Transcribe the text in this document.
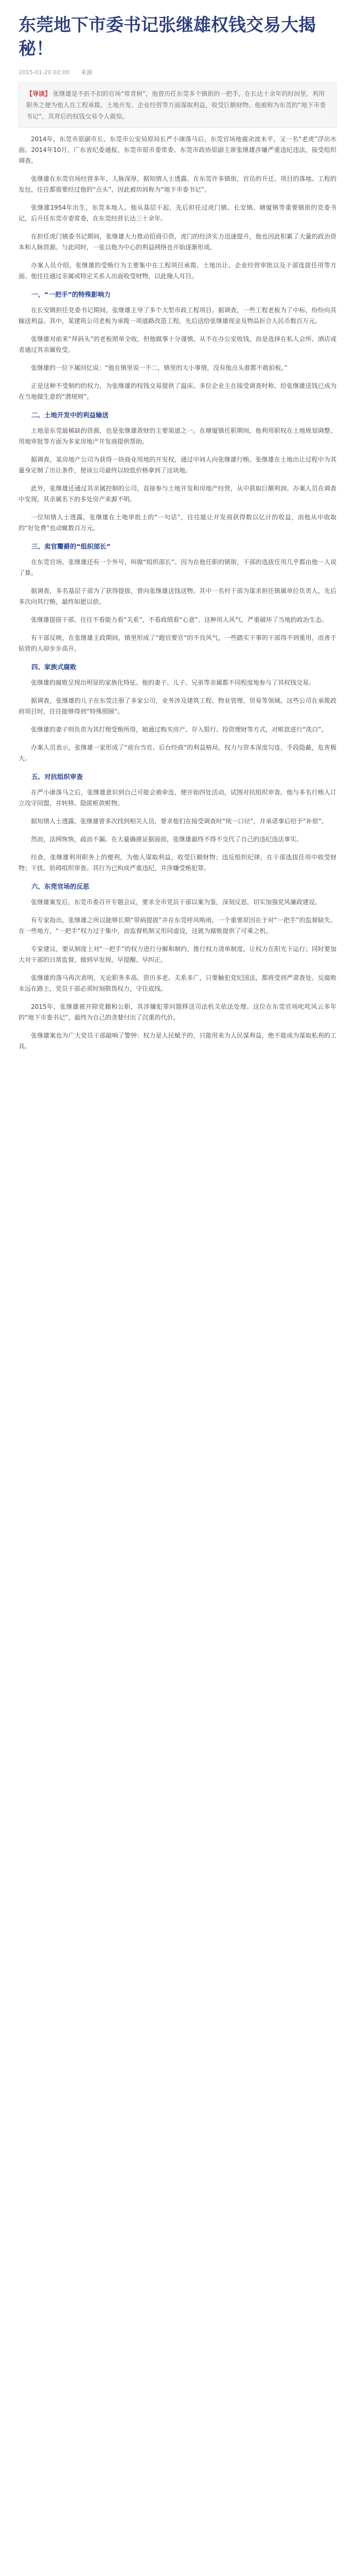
东莞地下市委书记张继雄权钱交易大揭秘！
2015-01-20 02:00 来源
【导读】 张继雄是不折不扣的官场“常青树”，他曾历任东莞多个镇街的一把手，在长达十余年的时间里，利用职务之便为他人在工程承揽、土地开发、企业经营等方面谋取利益，收受巨额财物。他被称为东莞的“地下市委书记”，其背后的权钱交易令人震惊。

2014年，东莞市原副市长、东莞市公安局原局长严小康落马后，东莞官场地震余波未平，又一名“老虎”浮出水面。2014年10月，广东省纪委通报，东莞市原市委常委、东莞市政协原副主席张继雄涉嫌严重违纪违法，接受组织调查。

张继雄在东莞官场经营多年，人脉深厚，据知情人士透露，在东莞许多镇街，官员的升迁、项目的落地、工程的发包，往往都需要经过他的“点头”，因此被坊间称为“地下市委书记”。

张继雄1954年出生，东莞本地人。他从基层干起，先后担任过虎门镇、长安镇、塘厦镇等重要镇街的党委书记，后升任东莞市委常委，在东莞经营长达三十余年。

在担任虎门镇委书记期间，张继雄大力推动招商引资，虎门的经济实力迅速提升，他也因此积累了大量的政治资本和人脉资源。与此同时，一张以他为中心的利益网络也开始逐渐形成。

办案人员介绍，张继雄的受贿行为主要集中在工程项目承揽、土地出让、企业经营审批以及干部选拔任用等方面。他往往通过亲属或特定关系人出面收受财物，以此掩人耳目。

一、“一把手”的特殊影响力

在长安镇担任党委书记期间，张继雄主导了多个大型市政工程项目。据调查，一些工程老板为了中标，纷纷向其输送利益。其中，某建筑公司老板为承揽一项道路改造工程，先后送给张继雄现金及物品折合人民币数百万元。

张继雄对前来“拜码头”的老板照单全收，但他做事十分谨慎，从不在办公室收钱，而是选择在私人会所、酒店或者通过其亲属收受。

张继雄的一位下属回忆说：“他在镇里说一不二，镇里的大小事情，没有他点头谁都不敢拍板。”

正是这种不受制约的权力，为张继雄的权钱交易提供了温床。多位企业主在接受调查时称，给张继雄送钱已成为在当地做生意的“潜规则”。

二、土地开发中的利益输送

土地是东莞最稀缺的资源，也是张继雄敛财的主要渠道之一。在塘厦镇任职期间，他利用职权在土地规划调整、用地审批等方面为多家房地产开发商提供帮助。

据调查，某房地产公司为获得一块商业用地的开发权，通过中间人向张继雄行贿。张继雄在土地出让过程中为其量身定制了出让条件，使该公司最终以较低价格拿到了这块地。

此外，张继雄还通过其亲属控制的公司，直接参与土地开发和房地产经营，从中获取巨额利润。办案人员在调查中发现，其亲属名下的多处房产来源不明。

一位知情人士透露，张继雄在土地审批上的“一句话”，往往能让开发商获得数以亿计的收益，而他从中收取的“好处费”也动辄数百万元。

三、卖官鬻爵的“组织部长”

在东莞官场，张继雄还有一个外号，叫做“组织部长”。因为在他任职的镇街，干部的选拔任用几乎都由他一人说了算。

据调查，多名基层干部为了获得提拔，曾向张继雄送钱送物。其中一名村干部为谋求担任镇属单位负责人，先后多次向其行贿，最终如愿以偿。

张继雄提拔干部，往往不看能力看“关系”，不看政绩看“心意”。这种用人风气，严重破坏了当地的政治生态。

有干部反映，在张继雄主政期间，镇里形成了“跑官要官”的不良风气，一些踏实干事的干部得不到重用，而善于钻营的人却步步高升。

四、家族式腐败

张继雄的腐败呈现出明显的家族化特征。他的妻子、儿子、兄弟等亲属都不同程度地参与了其权钱交易。

据调查，张继雄的儿子在东莞注册了多家公司，业务涉及建筑工程、物业管理、贸易等领域。这些公司在承揽政府项目时，往往能够得到“特殊照顾”。

张继雄的妻子则负责为其打理受贿所得，她通过购买房产、存入银行、投资理财等方式，对赃款进行“洗白”。

办案人员表示，张继雄一家形成了“前台当官、后台经商”的利益格局，权力与资本深度勾连，手段隐蔽，危害极大。

五、对抗组织审查

在严小康落马之后，张继雄意识到自己可能会被牵连，便开始四处活动，试图对抗组织审查。他与多名行贿人订立攻守同盟，并转移、隐匿赃款赃物。

据知情人士透露，张继雄曾多次找到相关人员，要求他们在接受调查时“统一口径”，并承诺事后给予“补偿”。

然而，法网恢恢，疏而不漏。在大量确凿证据面前，张继雄最终不得不交代了自己的违纪违法事实。

经查，张继雄利用职务上的便利，为他人谋取利益，收受巨额财物；违反组织纪律，在干部选拔任用中收受财物；干扰、妨碍组织审查。其行为已构成严重违纪，并涉嫌受贿犯罪。

六、东莞官场的反思

张继雄案发后，东莞市委召开专题会议，要求全市党员干部以案为鉴，深刻反思，切实加强党风廉政建设。

有专家指出，张继雄之所以能够长期“带病提拔”并在东莞呼风唤雨，一个重要原因在于对“一把手”的监督缺失。在一些地方，“一把手”权力过于集中，而监督机制又形同虚设，这就为腐败提供了可乘之机。

专家建议，要从制度上对“一把手”的权力进行分解和制约，推行权力清单制度，让权力在阳光下运行；同时要加大对干部的日常监督，做到早发现、早提醒、早纠正。

张继雄的落马再次表明，无论职务多高、资历多老、关系多广，只要触犯党纪国法，都将受到严肃查处。反腐败永远在路上，党员干部必须时刻敬畏权力，守住底线。

2015年，张继雄被开除党籍和公职，其涉嫌犯罪问题移送司法机关依法处理。这位在东莞官场叱咤风云多年的“地下市委书记”，最终为自己的贪婪付出了沉重的代价。

张继雄案也为广大党员干部敲响了警钟：权力是人民赋予的，只能用来为人民谋利益，绝不能成为谋取私利的工具。
